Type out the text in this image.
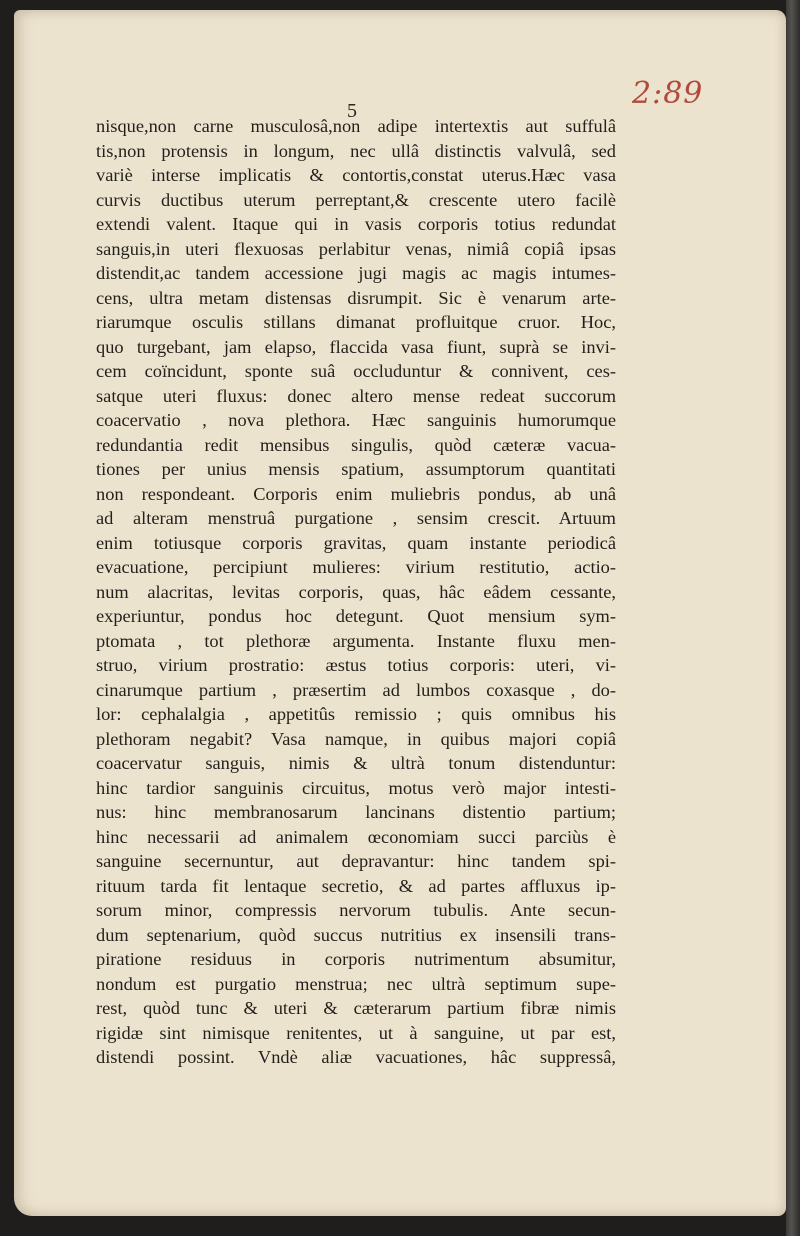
2:89
5
nisque,non carne musculosâ,non adipe intertextis aut suffulâ
tis,non protensis in longum, nec ullâ distinctis valvulâ, sed
variè interse implicatis & contortis,constat uterus.Hæc vasa
curvis ductibus uterum perreptant,& crescente utero facilè
extendi valent. Itaque qui in vasis corporis totius redundat
sanguis,in uteri flexuosas perlabitur venas, nimiâ copiâ ipsas
distendit,ac tandem accessione jugi magis ac magis intumes-
cens, ultra metam distensas disrumpit. Sic è venarum arte-
riarumque osculis stillans dimanat profluitque cruor. Hoc,
quo turgebant, jam elapso, flaccida vasa fiunt, suprà se invi-
cem coïncidunt, sponte suâ occluduntur & connivent, ces-
satque uteri fluxus: donec altero mense redeat succorum
coacervatio , nova plethora. Hæc sanguinis humorumque
redundantia redit mensibus singulis, quòd cæteræ vacua-
tiones per unius mensis spatium, assumptorum quantitati
non respondeant. Corporis enim muliebris pondus, ab unâ
ad alteram menstruâ purgatione , sensim crescit. Artuum
enim totiusque corporis gravitas, quam instante periodicâ
evacuatione, percipiunt mulieres: virium restitutio, actio-
num alacritas, levitas corporis, quas, hâc eâdem cessante,
experiuntur, pondus hoc detegunt. Quot mensium sym-
ptomata , tot plethoræ argumenta. Instante fluxu men-
struo, virium prostratio: æstus totius corporis: uteri, vi-
cinarumque partium , præsertim ad lumbos coxasque , do-
lor: cephalalgia , appetitûs remissio ; quis omnibus his
plethoram negabit? Vasa namque, in quibus majori copiâ
coacervatur sanguis, nimis & ultrà tonum distenduntur:
hinc tardior sanguinis circuitus, motus verò major intesti-
nus: hinc membranosarum lancinans distentio partium;
hinc necessarii ad animalem œconomiam succi parciùs è
sanguine secernuntur, aut depravantur: hinc tandem spi-
rituum tarda fit lentaque secretio, & ad partes affluxus ip-
sorum minor, compressis nervorum tubulis. Ante secun-
dum septenarium, quòd succus nutritius ex insensili trans-
piratione residuus in corporis nutrimentum absumitur,
nondum est purgatio menstrua; nec ultrà septimum supe-
rest, quòd tunc & uteri & cæterarum partium fibræ nimis
rigidæ sint nimisque renitentes, ut à sanguine, ut par est,
distendi possint. Vndè aliæ vacuationes, hâc suppressâ,
